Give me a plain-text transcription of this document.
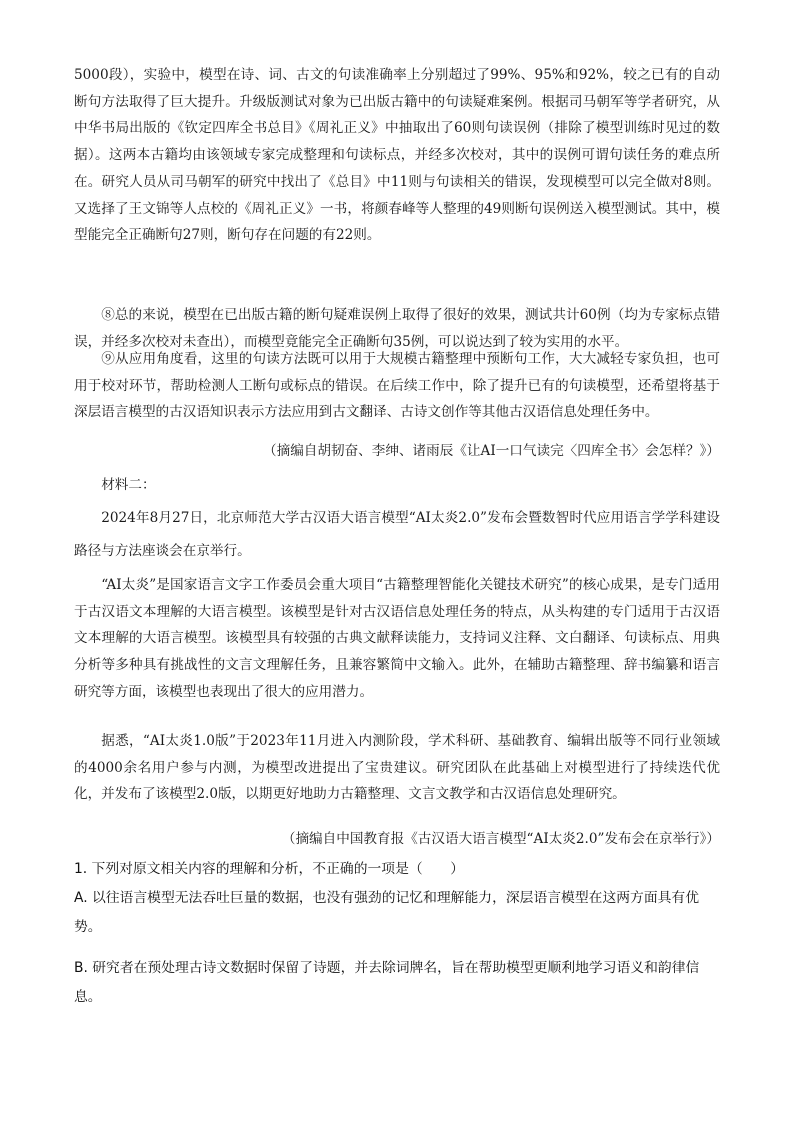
5000段），实验中，模型在诗、词、古文的句读准确率上分别超过了99%、95%和92%，较之已有的自动断句方法取得了巨大提升。升级版测试对象为已出版古籍中的句读疑难案例。根据司马朝军等学者研究，从中华书局出版的《钦定四库全书总目》《周礼正义》中抽取出了60则句读误例（排除了模型训练时见过的数据）。这两本古籍均由该领域专家完成整理和句读标点，并经多次校对，其中的误例可谓句读任务的难点所在。研究人员从司马朝军的研究中找出了《总目》中11则与句读相关的错误，发现模型可以完全做对8则。又选择了王文锦等人点校的《周礼正义》一书，将颜春峰等人整理的49则断句误例送入模型测试。其中，模型能完全正确断句27则，断句存在问题的有22则。

⑧总的来说，模型在已出版古籍的断句疑难误例上取得了很好的效果，测试共计60例（均为专家标点错误，并经多次校对未查出），而模型竟能完全正确断句35例，可以说达到了较为实用的水平。

⑨从应用角度看，这里的句读方法既可以用于大规模古籍整理中预断句工作，大大减轻专家负担，也可用于校对环节，帮助检测人工断句或标点的错误。在后续工作中，除了提升已有的句读模型，还希望将基于深层语言模型的古汉语知识表示方法应用到古文翻译、古诗文创作等其他古汉语信息处理任务中。

（摘编自胡韧奋、李绅、诸雨辰《让AI一口气读完〈四库全书〉会怎样？》）

材料二：

2024年8月27日，北京师范大学古汉语大语言模型“AI太炎2.0”发布会暨数智时代应用语言学学科建设路径与方法座谈会在京举行。

“AI太炎”是国家语言文字工作委员会重大项目“古籍整理智能化关键技术研究”的核心成果，是专门适用于古汉语文本理解的大语言模型。该模型是针对古汉语信息处理任务的特点，从头构建的专门适用于古汉语文本理解的大语言模型。该模型具有较强的古典文献释读能力，支持词义注释、文白翻译、句读标点、用典分析等多种具有挑战性的文言文理解任务，且兼容繁简中文输入。此外，在辅助古籍整理、辞书编纂和语言研究等方面，该模型也表现出了很大的应用潜力。

据悉，“AI太炎1.0版”于2023年11月进入内测阶段，学术科研、基础教育、编辑出版等不同行业领域的4000余名用户参与内测，为模型改进提出了宝贵建议。研究团队在此基础上对模型进行了持续迭代优化，并发布了该模型2.0版，以期更好地助力古籍整理、文言文教学和古汉语信息处理研究。

（摘编自中国教育报《古汉语大语言模型“AI太炎2.0”发布会在京举行》）

1. 下列对原文相关内容的理解和分析，不正确的一项是（　　）

A. 以往语言模型无法吞吐巨量的数据，也没有强劲的记忆和理解能力，深层语言模型在这两方面具有优势。

B. 研究者在预处理古诗文数据时保留了诗题，并去除词牌名，旨在帮助模型更顺利地学习语义和韵律信息。
